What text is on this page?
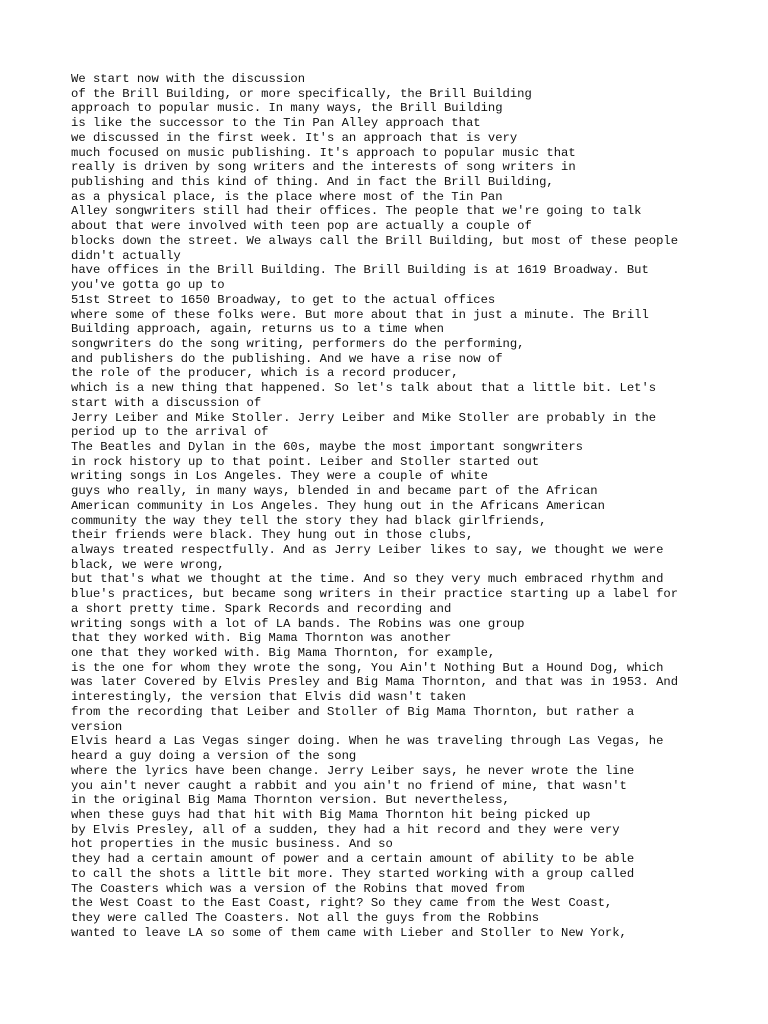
We start now with the discussion
of the Brill Building, or more specifically, the Brill Building
approach to popular music. In many ways, the Brill Building
is like the successor to the Tin Pan Alley approach that
we discussed in the first week. It's an approach that is very
much focused on music publishing. It's approach to popular music that
really is driven by song writers and the interests of song writers in
publishing and this kind of thing. And in fact the Brill Building,
as a physical place, is the place where most of the Tin Pan
Alley songwriters still had their offices. The people that we're going to talk
about that were involved with teen pop are actually a couple of
blocks down the street. We always call the Brill Building, but most of these people
didn't actually
have offices in the Brill Building. The Brill Building is at 1619 Broadway. But
you've gotta go up to
51st Street to 1650 Broadway, to get to the actual offices
where some of these folks were. But more about that in just a minute. The Brill
Building approach, again, returns us to a time when
songwriters do the song writing, performers do the performing,
and publishers do the publishing. And we have a rise now of
the role of the producer, which is a record producer,
which is a new thing that happened. So let's talk about that a little bit. Let's
start with a discussion of
Jerry Leiber and Mike Stoller. Jerry Leiber and Mike Stoller are probably in the
period up to the arrival of
The Beatles and Dylan in the 60s, maybe the most important songwriters
in rock history up to that point. Leiber and Stoller started out
writing songs in Los Angeles. They were a couple of white
guys who really, in many ways, blended in and became part of the African
American community in Los Angeles. They hung out in the Africans American
community the way they tell the story they had black girlfriends,
their friends were black. They hung out in those clubs,
always treated respectfully. And as Jerry Leiber likes to say, we thought we were
black, we were wrong,
but that's what we thought at the time. And so they very much embraced rhythm and
blue's practices, but became song writers in their practice starting up a label for
a short pretty time. Spark Records and recording and
writing songs with a lot of LA bands. The Robins was one group
that they worked with. Big Mama Thornton was another
one that they worked with. Big Mama Thornton, for example,
is the one for whom they wrote the song, You Ain't Nothing But a Hound Dog, which
was later Covered by Elvis Presley and Big Mama Thornton, and that was in 1953. And
interestingly, the version that Elvis did wasn't taken
from the recording that Leiber and Stoller of Big Mama Thornton, but rather a
version
Elvis heard a Las Vegas singer doing. When he was traveling through Las Vegas, he
heard a guy doing a version of the song
where the lyrics have been change. Jerry Leiber says, he never wrote the line
you ain't never caught a rabbit and you ain't no friend of mine, that wasn't
in the original Big Mama Thornton version. But nevertheless,
when these guys had that hit with Big Mama Thornton hit being picked up
by Elvis Presley, all of a sudden, they had a hit record and they were very
hot properties in the music business. And so
they had a certain amount of power and a certain amount of ability to be able
to call the shots a little bit more. They started working with a group called
The Coasters which was a version of the Robins that moved from
the West Coast to the East Coast, right? So they came from the West Coast,
they were called The Coasters. Not all the guys from the Robbins
wanted to leave LA so some of them came with Lieber and Stoller to New York,
